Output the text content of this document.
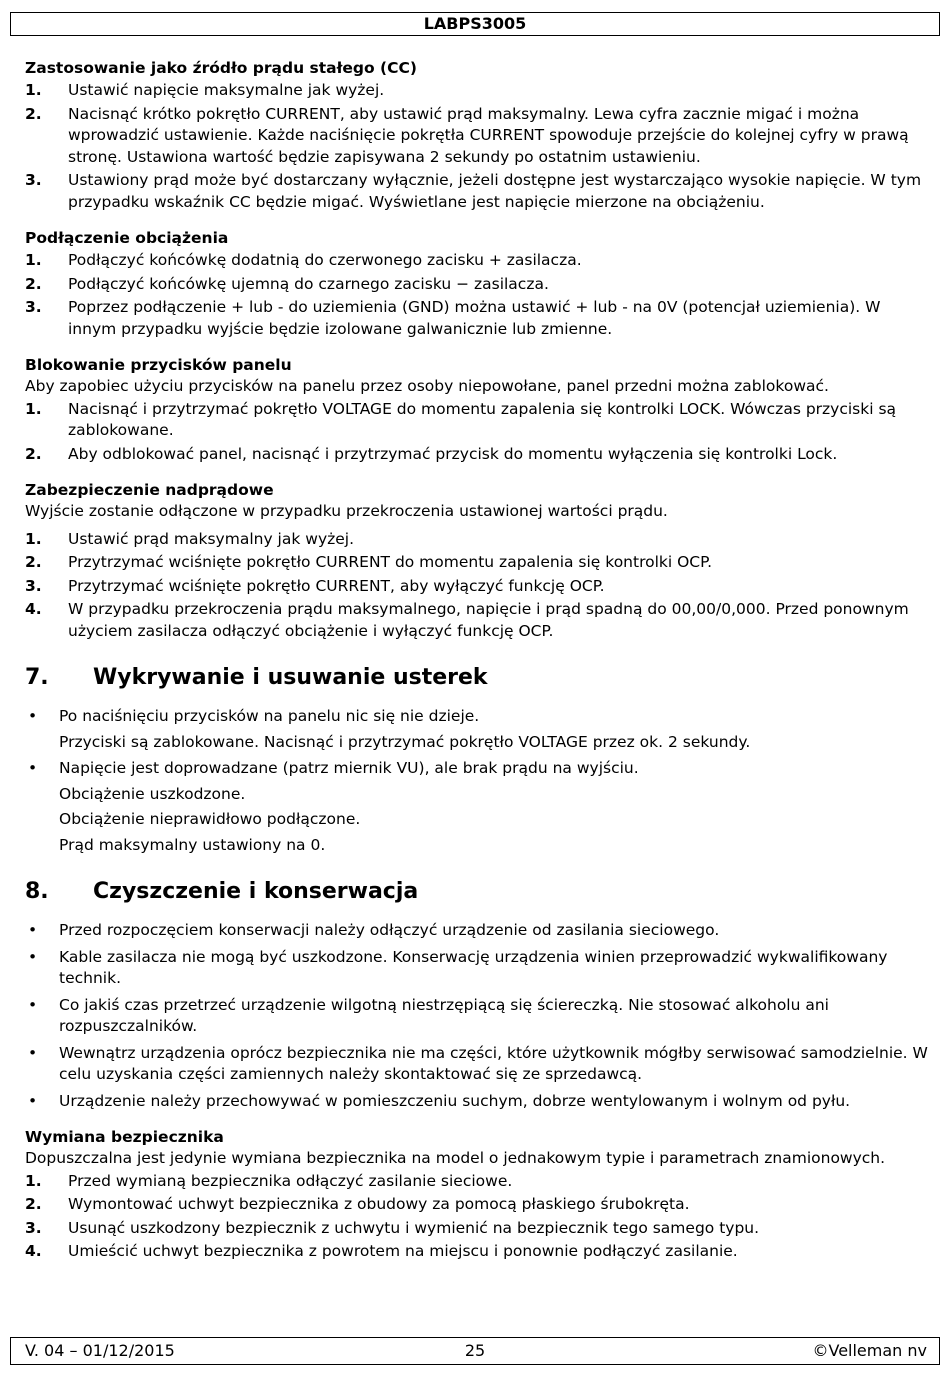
LABPS3005
Zastosowanie jako źródło prądu stałego (CC)
1. Ustawić napięcie maksymalne jak wyżej.
2. Nacisnąć krótko pokrętło CURRENT, aby ustawić prąd maksymalny. Lewa cyfra zacznie migać i można wprowadzić ustawienie. Każde naciśnięcie pokrętła CURRENT spowoduje przejście do kolejnej cyfry w prawą stronę. Ustawiona wartość będzie zapisywana 2 sekundy po ostatnim ustawieniu.
3. Ustawiony prąd może być dostarczany wyłącznie, jeżeli dostępne jest wystarczająco wysokie napięcie. W tym przypadku wskaźnik CC będzie migać. Wyświetlane jest napięcie mierzone na obciążeniu.
Podłączenie obciążenia
1. Podłączyć końcówkę dodatnią do czerwonego zacisku + zasilacza.
2. Podłączyć końcówkę ujemną do czarnego zacisku − zasilacza.
3. Poprzez podłączenie + lub - do uziemienia (GND) można ustawić + lub - na 0V (potencjał uziemienia). W innym przypadku wyjście będzie izolowane galwanicznie lub zmienne.
Blokowanie przycisków panelu

Aby zapobiec użyciu przycisków na panelu przez osoby niepowołane, panel przedni można zablokować.

1. Nacisnąć i przytrzymać pokrętło VOLTAGE do momentu zapalenia się kontrolki LOCK. Wówczas przyciski są zablokowane.
2. Aby odblokować panel, nacisnąć i przytrzymać przycisk do momentu wyłączenia się kontrolki Lock.
Zabezpieczenie nadprądowe

Wyjście zostanie odłączone w przypadku przekroczenia ustawionej wartości prądu.

1. Ustawić prąd maksymalny jak wyżej.
2. Przytrzymać wciśnięte pokrętło CURRENT do momentu zapalenia się kontrolki OCP.
3. Przytrzymać wciśnięte pokrętło CURRENT, aby wyłączyć funkcję OCP.
4. W przypadku przekroczenia prądu maksymalnego, napięcie i prąd spadną do 00,00/0,000. Przed ponownym użyciem zasilacza odłączyć obciążenie i wyłączyć funkcję OCP.
7. Wykrywanie i usuwanie usterek
• Po naciśnięciu przycisków na panelu nic się nie dzieje.
Przyciski są zablokowane. Nacisnąć i przytrzymać pokrętło VOLTAGE przez ok. 2 sekundy.
• Napięcie jest doprowadzane (patrz miernik VU), ale brak prądu na wyjściu.
Obciążenie uszkodzone.
Obciążenie nieprawidłowo podłączone.
Prąd maksymalny ustawiony na 0.
8. Czyszczenie i konserwacja
• Przed rozpoczęciem konserwacji należy odłączyć urządzenie od zasilania sieciowego.
• Kable zasilacza nie mogą być uszkodzone. Konserwację urządzenia winien przeprowadzić wykwalifikowany technik.
• Co jakiś czas przetrzeć urządzenie wilgotną niestrzępiącą się ściereczką. Nie stosować alkoholu ani rozpuszczalników.
• Wewnątrz urządzenia oprócz bezpiecznika nie ma części, które użytkownik mógłby serwisować samodzielnie. W celu uzyskania części zamiennych należy skontaktować się ze sprzedawcą.
• Urządzenie należy przechowywać w pomieszczeniu suchym, dobrze wentylowanym i wolnym od pyłu.
Wymiana bezpiecznika

Dopuszczalna jest jedynie wymiana bezpiecznika na model o jednakowym typie i parametrach znamionowych.

1. Przed wymianą bezpiecznika odłączyć zasilanie sieciowe.
2. Wymontować uchwyt bezpiecznika z obudowy za pomocą płaskiego śrubokręta.
3. Usunąć uszkodzony bezpiecznik z uchwytu i wymienić na bezpiecznik tego samego typu.
4. Umieścić uchwyt bezpiecznika z powrotem na miejscu i ponownie podłączyć zasilanie.
V. 04 – 01/12/2015	25	©Velleman nv
